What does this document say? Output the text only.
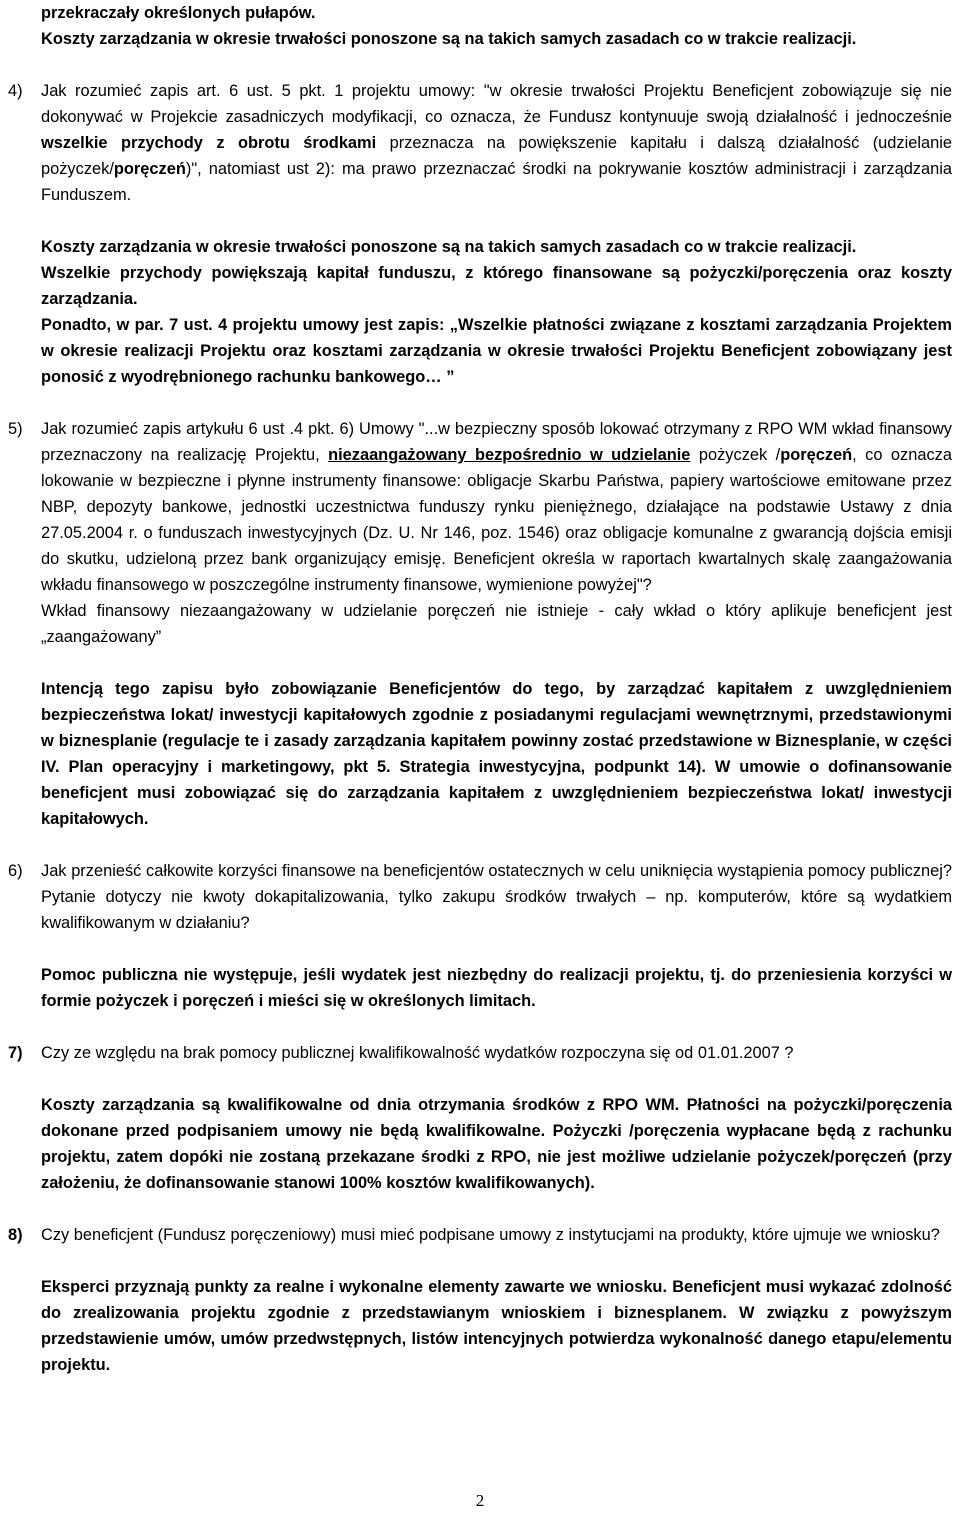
przekraczały określonych pułapów.

Koszty zarządzania w okresie trwałości ponoszone są na takich samych zasadach co w trakcie realizacji.

4) Jak rozumieć zapis art. 6 ust. 5 pkt. 1 projektu umowy: "w okresie trwałości Projektu Beneficjent zobowiązuje się nie dokonywać w Projekcie zasadniczych modyfikacji, co oznacza, że Fundusz kontynuuje swoją działalność i jednocześnie wszelkie przychody z obrotu środkami przeznacza na powiększenie kapitału i dalszą działalność (udzielanie pożyczek/poręczeń)", natomiast ust 2): ma prawo przeznaczać środki na pokrywanie kosztów administracji i zarządzania Funduszem.

Koszty zarządzania w okresie trwałości ponoszone są na takich samych zasadach co w trakcie realizacji.

Wszelkie przychody powiększają kapitał funduszu, z którego finansowane są pożyczki/poręczenia oraz koszty zarządzania.

Ponadto, w par. 7 ust. 4 projektu umowy jest zapis: „Wszelkie płatności związane z kosztami zarządzania Projektem w okresie realizacji Projektu oraz kosztami zarządzania w okresie trwałości Projektu Beneficjent zobowiązany jest ponosić z wyodrębnionego rachunku bankowego… ”

5) Jak rozumieć zapis artykułu 6 ust .4 pkt. 6) Umowy "...w bezpieczny sposób lokować otrzymany z RPO WM wkład finansowy przeznaczony na realizację Projektu, niezaangażowany bezpośrednio w udzielanie pożyczek /poręczeń, co oznacza lokowanie w bezpieczne i płynne instrumenty finansowe: obligacje Skarbu Państwa, papiery wartościowe emitowane przez NBP, depozyty bankowe, jednostki uczestnictwa funduszy rynku pieniężnego, działające na podstawie Ustawy z dnia 27.05.2004 r. o funduszach inwestycyjnych (Dz. U. Nr 146, poz. 1546) oraz obligacje komunalne z gwarancją dojścia emisji do skutku, udzieloną przez bank organizujący emisję. Beneficjent określa w raportach kwartalnych skalę zaangażowania wkładu finansowego w poszczególne instrumenty finansowe, wymienione powyżej"?

Wkład finansowy niezaangażowany w udzielanie poręczeń nie istnieje - cały wkład o który aplikuje beneficjent jest „zaangażowany”

Intencją tego zapisu było zobowiązanie Beneficjentów do tego, by zarządzać kapitałem z uwzględnieniem bezpieczeństwa lokat/ inwestycji kapitałowych zgodnie z posiadanymi regulacjami wewnętrznymi, przedstawionymi w biznesplanie (regulacje te i zasady zarządzania kapitałem powinny zostać przedstawione w Biznesplanie, w części IV. Plan operacyjny i marketingowy, pkt 5. Strategia inwestycyjna, podpunkt 14). W umowie o dofinansowanie beneficjent musi zobowiązać się do zarządzania kapitałem z uwzględnieniem bezpieczeństwa lokat/ inwestycji kapitałowych.

6) Jak przenieść całkowite korzyści finansowe na beneficjentów ostatecznych w celu uniknięcia wystąpienia pomocy publicznej? Pytanie dotyczy nie kwoty dokapitalizowania, tylko zakupu środków trwałych – np. komputerów, które są wydatkiem kwalifikowanym w działaniu?

Pomoc publiczna nie występuje, jeśli wydatek jest niezbędny do realizacji projektu, tj. do przeniesienia korzyści w formie pożyczek i poręczeń i mieści się w określonych limitach.

7) Czy ze względu na brak pomocy publicznej kwalifikowalność wydatków rozpoczyna się od 01.01.2007 ?

Koszty zarządzania są kwalifikowalne od dnia otrzymania środków z RPO WM. Płatności na pożyczki/poręczenia dokonane przed podpisaniem umowy nie będą kwalifikowalne. Pożyczki /poręczenia wypłacane będą z rachunku projektu, zatem dopóki nie zostaną przekazane środki z RPO, nie jest możliwe udzielanie pożyczek/poręczeń (przy założeniu, że dofinansowanie stanowi 100% kosztów kwalifikowanych).

8) Czy beneficjent (Fundusz poręczeniowy) musi mieć podpisane umowy z instytucjami na produkty, które ujmuje we wniosku?

Eksperci przyznają punkty za realne i wykonalne elementy zawarte we wniosku. Beneficjent musi wykazać zdolność do zrealizowania projektu zgodnie z przedstawianym wnioskiem i biznesplanem. W związku z powyższym przedstawienie umów, umów przedwstępnych, listów intencyjnych potwierdza wykonalność danego etapu/elementu projektu.

2
